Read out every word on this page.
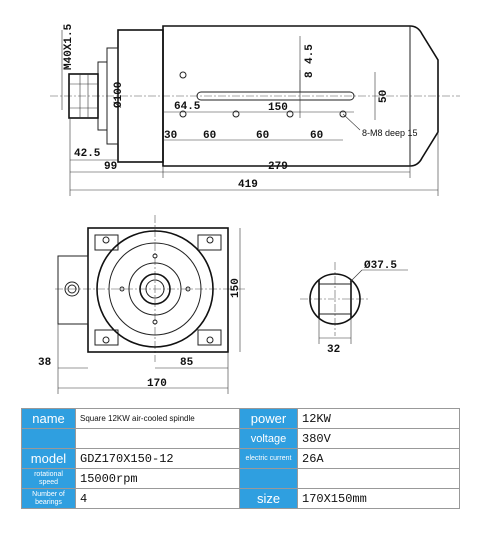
M40X1.5
Ø100	64.5	150
30 60	60	60
8
4.5
50
8-M8 deep 15
42.5
99	279
419
150
38	85
170
Ø37.5
32
name	Square 12KW air-cooled spindle	power	12KW
		voltage	380V
model	GDZ170X150-12	electric current	26A
rotational speed	15000rpm		
Number of bearings	4	size	170X150mm
